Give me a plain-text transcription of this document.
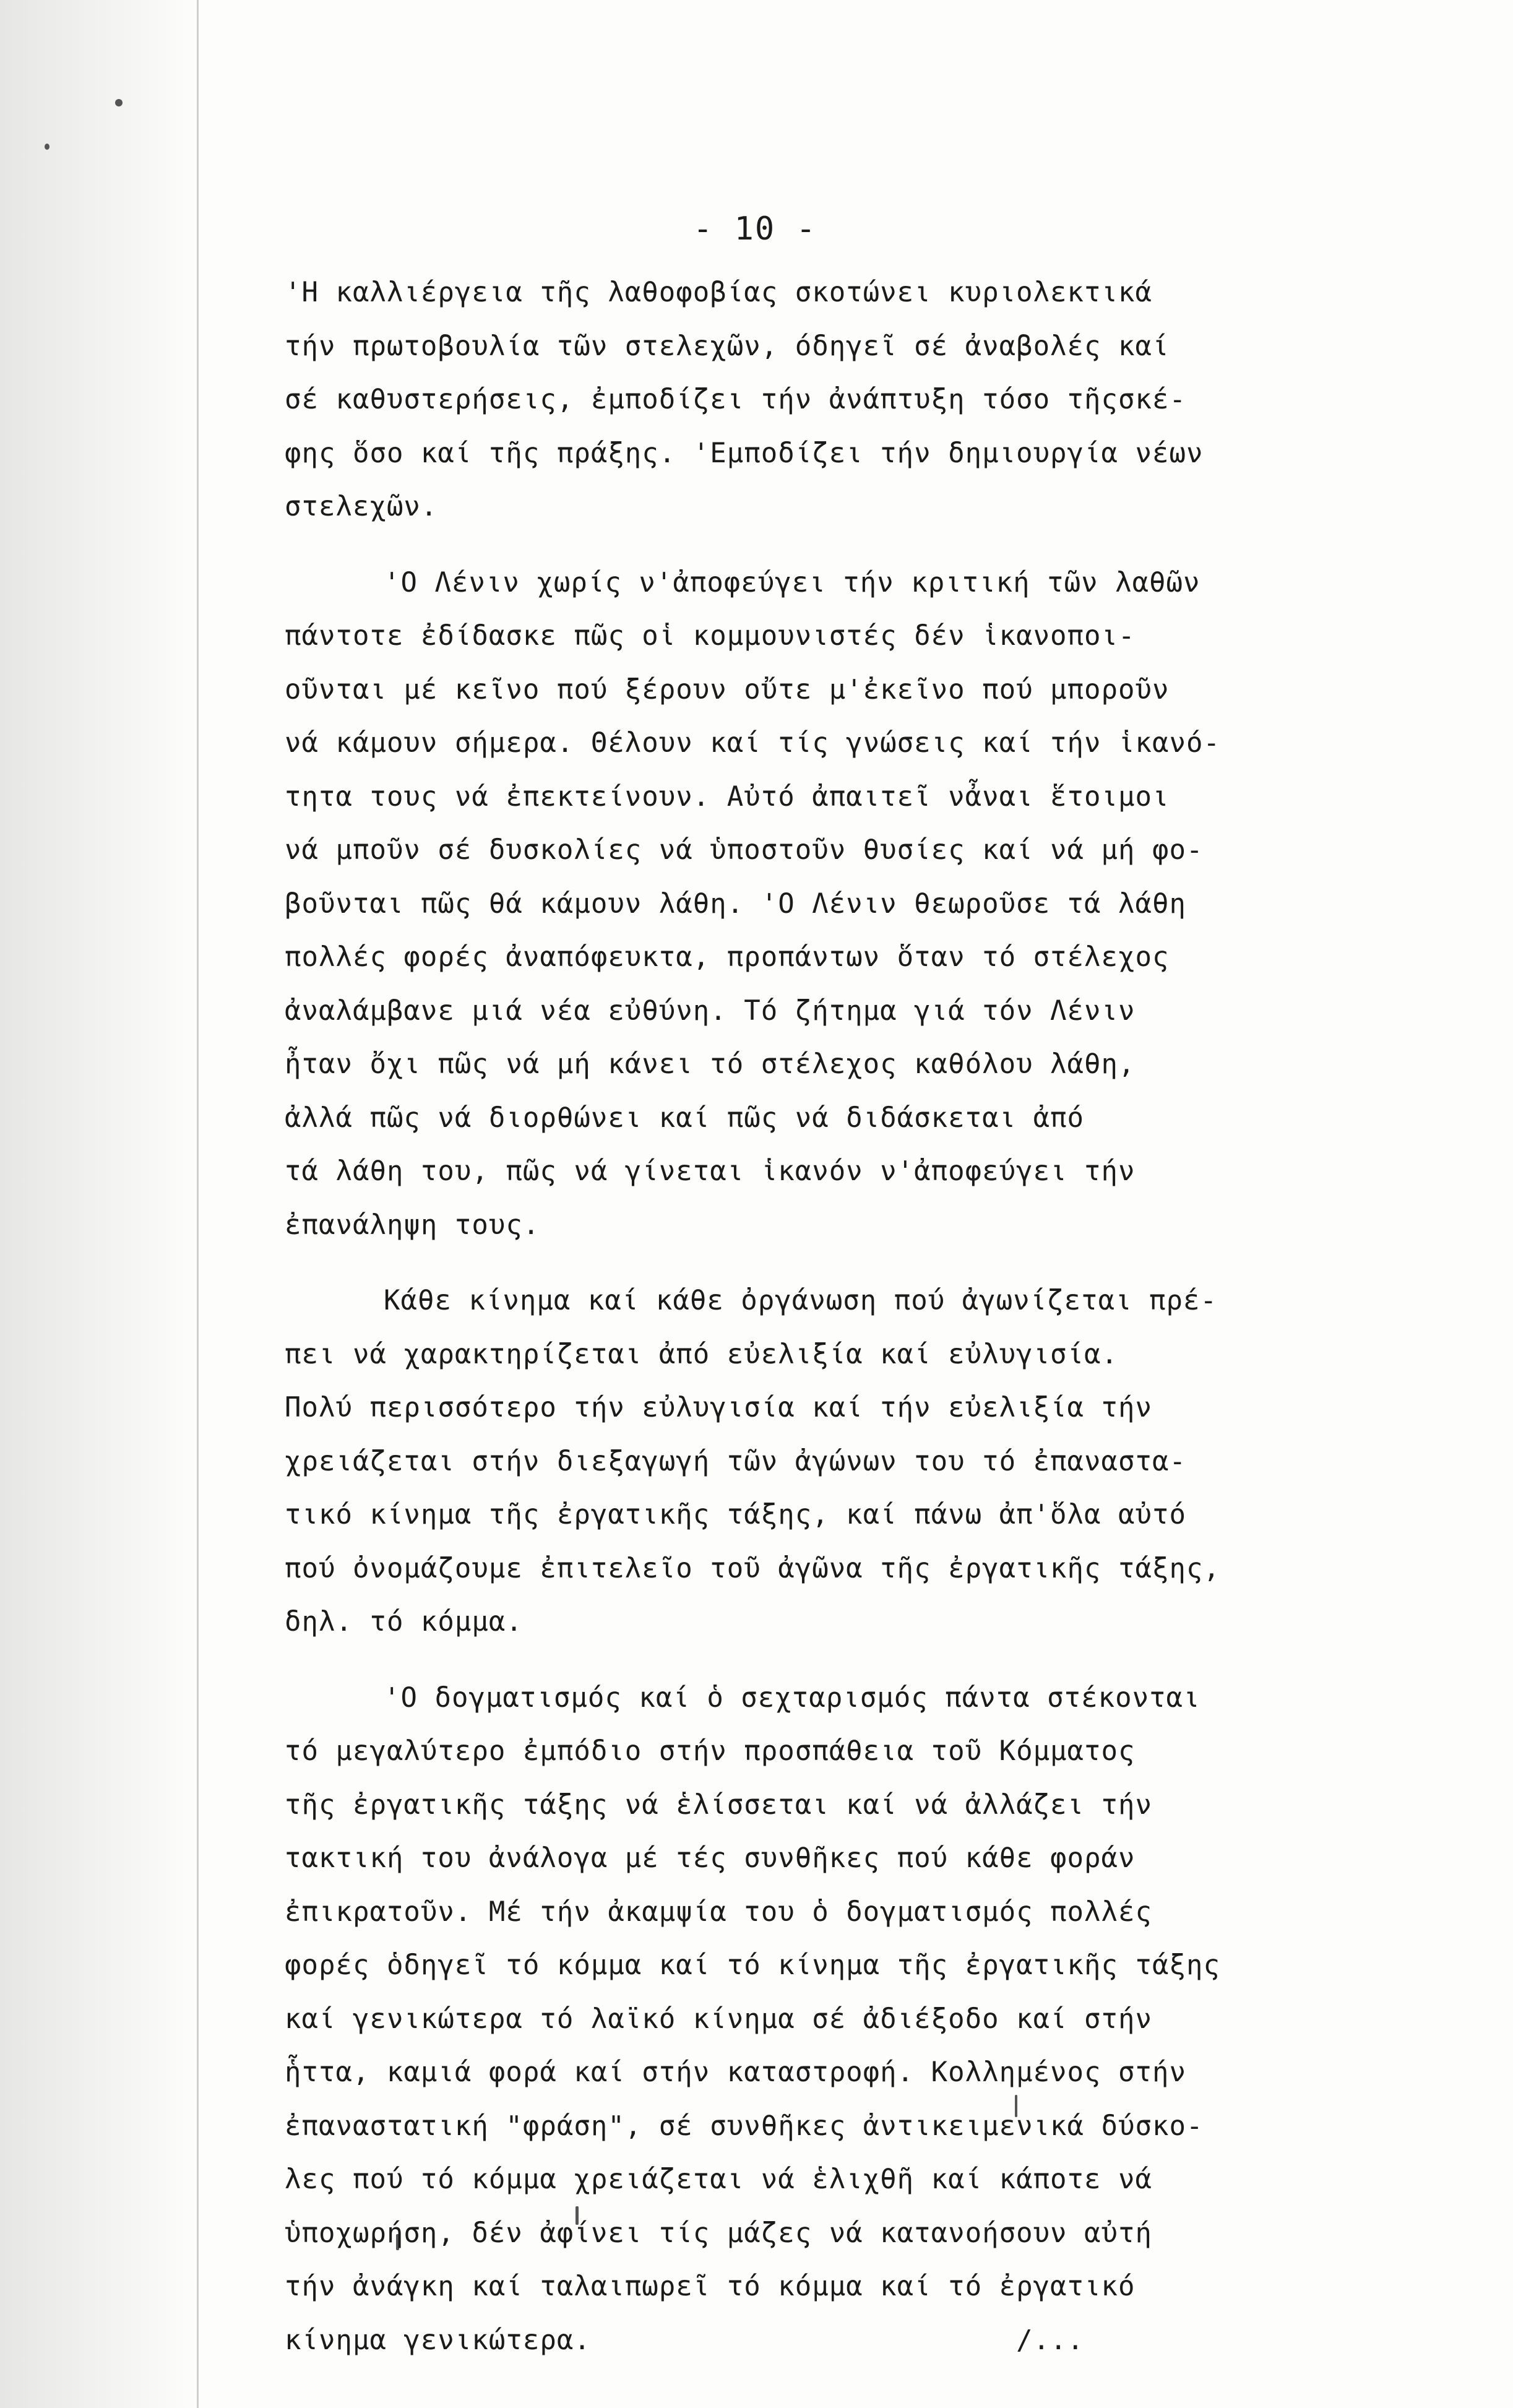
- 10 -

'Η καλλιέργεια τῆς λαθοφοβίας σκοτώνει κυριολεκτικά
τήν πρωτοβουλία τῶν στελεχῶν, όδηγεῖ σέ ἀναβολές καί
σέ καθυστερήσεις, ἐμποδίζει τήν ἀνάπτυξη τόσο τῆςσκέ-
φης ὅσο καί τῆς πράξης. 'Εμποδίζει τήν δημιουργία νέων
στελεχῶν.

'Ο Λένιν χωρίς ν'ἀποφεύγει τήν κριτική τῶν λαθῶν
πάντοτε ἐδίδασκε πῶς οἱ κομμουνιστές δέν ἱκανοποι-
οῦνται μέ κεῖνο πού ξέρουν οὔτε μ'ἐκεῖνο πού μποροῦν
νά κάμουν σήμερα. Θέλουν καί τίς γνώσεις καί τήν ἱκανό-
τητα τους νά ἐπεκτείνουν. Αὐτό ἀπαιτεῖ νἆναι ἕτοιμοι
νά μποῦν σέ δυσκολίες νά ὑποστοῦν θυσίες καί νά μή φο-
βοῦνται πῶς θά κάμουν λάθη. 'Ο Λένιν θεωροῦσε τά λάθη
πολλές φορές ἀναπόφευκτα, προπάντων ὅταν τό στέλεχος
ἀναλάμβανε μιά νέα εὐθύνη. Τό ζήτημα γιά τόν Λένιν
ἦταν ὄχι πῶς νά μή κάνει τό στέλεχος καθόλου λάθη,
ἀλλά πῶς νά διορθώνει καί πῶς νά διδάσκεται ἀπό
τά λάθη του, πῶς νά γίνεται ἱκανόν ν'ἀποφεύγει τήν
ἐπανάληψη τους.

Κάθε κίνημα καί κάθε ὀργάνωση πού ἀγωνίζεται πρέ-
πει νά χαρακτηρίζεται ἀπό εὐελιξία καί εὐλυγισία.
Πολύ περισσότερο τήν εὐλυγισία καί τήν εὐελιξία τήν
χρειάζεται στήν διεξαγωγή τῶν ἀγώνων του τό ἐπαναστα-
τικό κίνημα τῆς ἐργατικῆς τάξης, καί πάνω ἀπ'ὅλα αὐτό
πού ὀνομάζουμε ἐπιτελεῖο τοῦ ἀγῶνα τῆς ἐργατικῆς τάξης,
δηλ. τό κόμμα.

'Ο δογματισμός καί ὁ σεχταρισμός πάντα στέκονται
τό μεγαλύτερο ἐμπόδιο στήν προσπάθεια τοῦ Κόμματος
τῆς ἐργατικῆς τάξης νά ἑλίσσεται καί νά ἀλλάζει τήν
τακτική του ἀνάλογα μέ τές συνθῆκες πού κάθε φοράν
ἐπικρατοῦν. Μέ τήν ἀκαμψία του ὁ δογματισμός πολλές
φορές ὁδηγεῖ τό κόμμα καί τό κίνημα τῆς ἐργατικῆς τάξης
καί γενικώτερα τό λαϊκό κίνημα σέ ἀδιέξοδο καί στήν
ἧττα, καμιά φορά καί στήν καταστροφή. Κολλημένος στήν
ἐπαναστατική "φράση", σέ συνθῆκες ἀντικειμενικά δύσκο-
λες πού τό κόμμα χρειάζεται νά ἑλιχθῆ καί κάποτε νά
ὑποχωρήση, δέν ἀφίνει τίς μάζες νά κατανοήσουν αὐτή
τήν ἀνάγκη καί ταλαιπωρεῖ τό κόμμα καί τό ἐργατικό
κίνημα γενικώτερα.                         /...
